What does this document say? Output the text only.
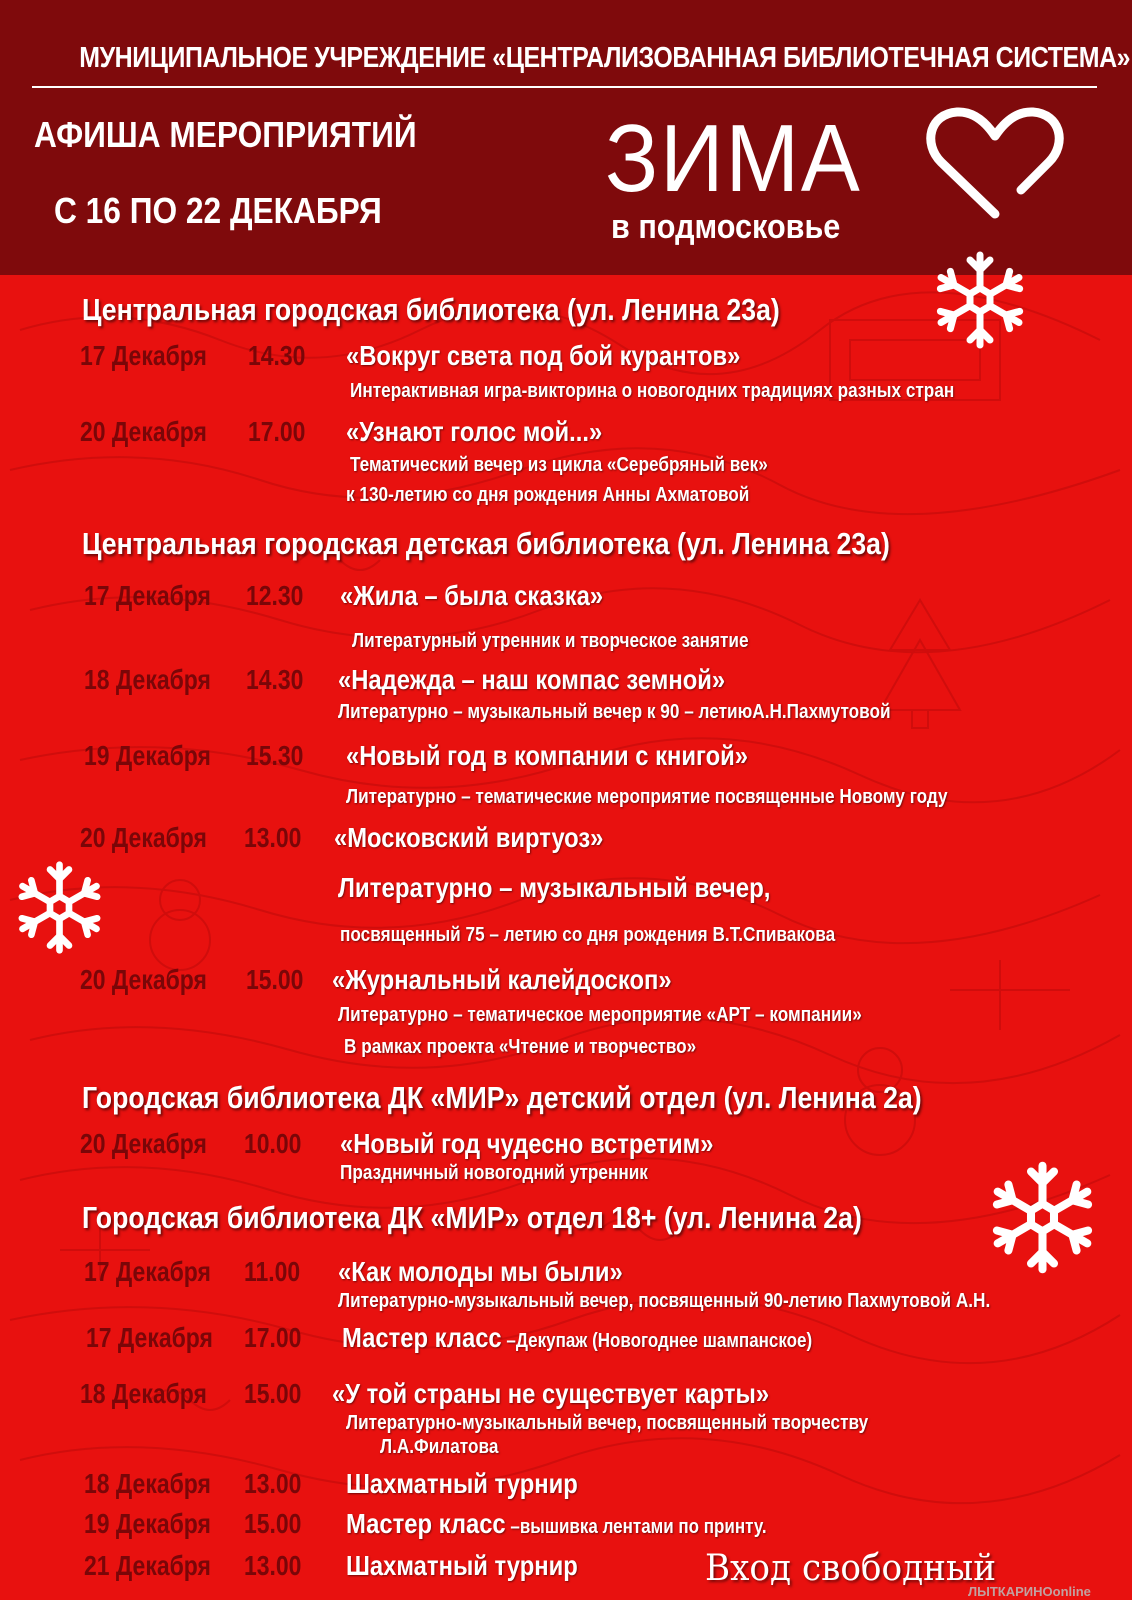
МУНИЦИПАЛЬНОЕ УЧРЕЖДЕНИЕ «ЦЕНТРАЛИЗОВАННАЯ БИБЛИОТЕЧНАЯ СИСТЕМА»
АФИША МЕРОПРИЯТИЙ
С 16 ПО 22 ДЕКАБРЯ ЗИМА
в подмосковье
Центральная городская библиотека (ул. Ленина 23а)
17 Декабря 14.30 «Вокруг света под бой курантов»
Интерактивная игра-викторина о новогодних традициях разных стран
20 Декабря 17.00 «Узнают голос мой...»
Тематический вечер из цикла «Серебряный век»
к 130-летию со дня рождения Анны Ахматовой
Центральная городская детская библиотека (ул. Ленина 23а)
17 Декабря 12.30 «Жила – была сказка»
Литературный утренник и творческое занятие
18 Декабря 14.30 «Надежда – наш компас земной»
Литературно – музыкальный вечер к 90 – летиюА.Н.Пахмутовой
19 Декабря 15.30 «Новый год в компании с книгой»
Литературно – тематические мероприятие посвященные Новому году
20 Декабря 13.00 «Московский виртуоз»
Литературно – музыкальный вечер,
посвященный 75 – летию со дня рождения В.Т.Спивакова
20 Декабря 15.00 «Журнальный калейдоскоп»
Литературно – тематическое мероприятие «АРТ – компании»
В рамках проекта «Чтение и творчество»
Городская библиотека ДК «МИР» детский отдел (ул. Ленина 2а)
20 Декабря 10.00 «Новый год чудесно встретим»
Праздничный новогодний утренник
Городская библиотека ДК «МИР» отдел 18+ (ул. Ленина 2а)
17 Декабря 11.00 «Как молоды мы были»
Литературно-музыкальный вечер, посвященный 90-летию Пахмутовой А.Н.
17 Декабря 17.00 Мастер класс –Декупаж (Новогоднее шампанское)
18 Декабря 15.00 «У той страны не существует карты»
Литературно-музыкальный вечер, посвященный творчеству
Л.А.Филатова
18 Декабря 13.00 Шахматный турнир
19 Декабря 15.00 Мастер класс –вышивка лентами по принту.
21 Декабря 13.00 Шахматный турнир	Вход свободный
ЛЫТКАРИНОonline
